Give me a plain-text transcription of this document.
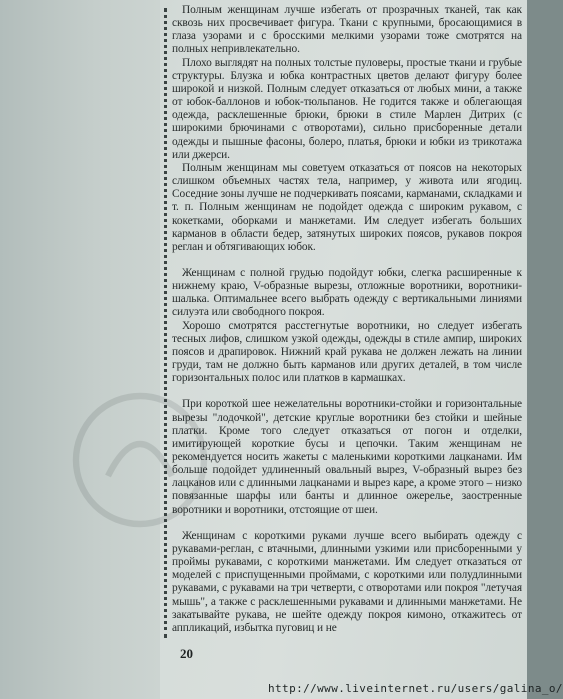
Полным женщинам лучше избегать от прозрачных тканей, так как сквозь них просвечивает фигура. Ткани с крупными, бросающимися в глаза узорами и с бросскими мелкими узорами тоже смотрятся на полных непривлекательно.

Плохо выглядят на полных толстые пуловеры, простые ткани и грубые структуры. Блузка и юбка контрастных цветов делают фигуру более широкой и низкой. Полным следует отказаться от любых мини, а также от юбок-баллонов и юбок-тюльпанов. Не годится также и облегающая одежда, расклешенные брюки, брюки в стиле Марлен Дитрих (с широкими брючинами с отворотами), сильно присборенные детали одежды и пышные фасоны, болеро, платья, брюки и юбки из трикотажа или джерси.

Полным женщинам мы советуем отказаться от поясов на некоторых слишком объемных частях тела, например, у живота или ягодиц. Соседние зоны лучше не подчеркивать поясами, карманами, складками и т. п. Полным женщинам не подойдет одежда с широким рукавом, с кокетками, оборками и манжетами. Им следует избегать больших карманов в области бедер, затянутых широких поясов, рукавов покроя реглан и обтягивающих юбок.

Женщинам с полной грудью подойдут юбки, слегка расширенные к нижнему краю, V-образные вырезы, отложные воротники, воротники-шалька. Оптимальнее всего выбрать одежду с вертикальными линиями силуэта или свободного покроя.

Хорошо смотрятся расстегнутые воротники, но следует избегать тесных лифов, слишком узкой одежды, одежды в стиле ампир, широких поясов и драпировок. Нижний край рукава не должен лежать на линии груди, там не должно быть карманов или других деталей, в том числе горизонтальных полос или платков в кармашках.

При короткой шее нежелательны воротники-стойки и горизонтальные вырезы "лодочкой", детские круглые воротники без стойки и шейные платки. Кроме того следует отказаться от погон и отделки, имитирующей короткие бусы и цепочки. Таким женщинам не рекомендуется носить жакеты с маленькими короткими лацканами. Им больше подойдет удлиненный овальный вырез, V-образный вырез без лацканов или с длинными лацканами и вырез каре, а кроме этого – низко повязанные шарфы или банты и длинное ожерелье, заостренные воротники и воротники, отстоящие от шеи.

Женщинам с короткими руками лучше всего выбирать одежду с рукавами-реглан, с втачными, длинными узкими или присборенными у проймы рукавами, с короткими манжетами. Им следует отказаться от моделей с приспущенными проймами, с короткими или полудлинными рукавами, с рукавами на три четверти, с отворотами или покроя "летучая мышь", а также с расклешенными рукавами и длинными манжетами. Не закатывайте рукава, не шейте одежду покроя кимоно, откажитесь от аппликаций, избытка пуговиц и не

20
http://www.liveinternet.ru/users/galina_o/
